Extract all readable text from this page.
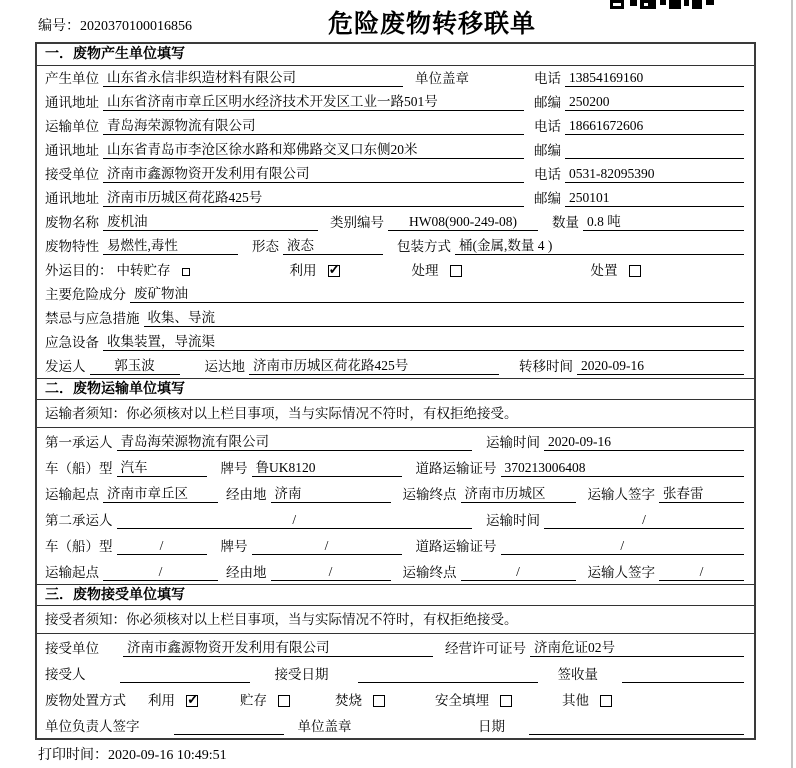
编号：2020370100016856	危险废物转移联单
一．废物产生单位填写
产生单位 山东省永信非织造材料有限公司	单位盖章	电话 13854169160
通讯地址 山东省济南市章丘区明水经济技术开发区工业一路501号	邮编 250200
运输单位 青岛海荣源物流有限公司	电话 18661672606
通讯地址 山东省青岛市李沧区徐水路和郑佛路交叉口东侧20米	邮编
接受单位 济南市鑫源物资开发利用有限公司	电话 0531-82095390
通讯地址 济南市历城区荷花路425号	邮编 250101
废物名称 废机油	类别编号	HW08(900-249-08)	数量 0.8 吨
废物特性 易燃性,毒性	形态 液态	包装方式 桶(金属,数量 4 )
外运目的： 中转贮存	利用 ✓	处理	处置
主要危险成分 废矿物油
禁忌与应急措施 收集、导流
应急设备 收集装置，导流渠
发运人	郭玉波	运达地 济南市历城区荷花路425号	转移时间 2020-09-16
二．废物运输单位填写
运输者须知：你必须核对以上栏目事项，当与实际情况不符时，有权拒绝接受。
第一承运人 青岛海荣源物流有限公司	运输时间 2020-09-16
车（船）型 汽车	牌号 鲁UK8120	道路运输证号 370213006408
运输起点 济南市章丘区	经由地 济南	运输终点 济南市历城区	运输人签字 张春雷
第二承运人	/	运输时间	/
车（船）型	/	牌号	/	道路运输证号	/
运输起点	/	经由地	/	运输终点	/	运输人签字	/
三．废物接受单位填写
接受者须知：你必须核对以上栏目事项，当与实际情况不符时，有权拒绝接受。
接受单位 济南市鑫源物资开发利用有限公司	经营许可证号 济南危证02号
接受人	接受日期	签收量
废物处置方式 利用 ✓	贮存	焚烧	安全填埋	其他
单位负责人签字	单位盖章	日期
打印时间：2020-09-16 10:49:51
